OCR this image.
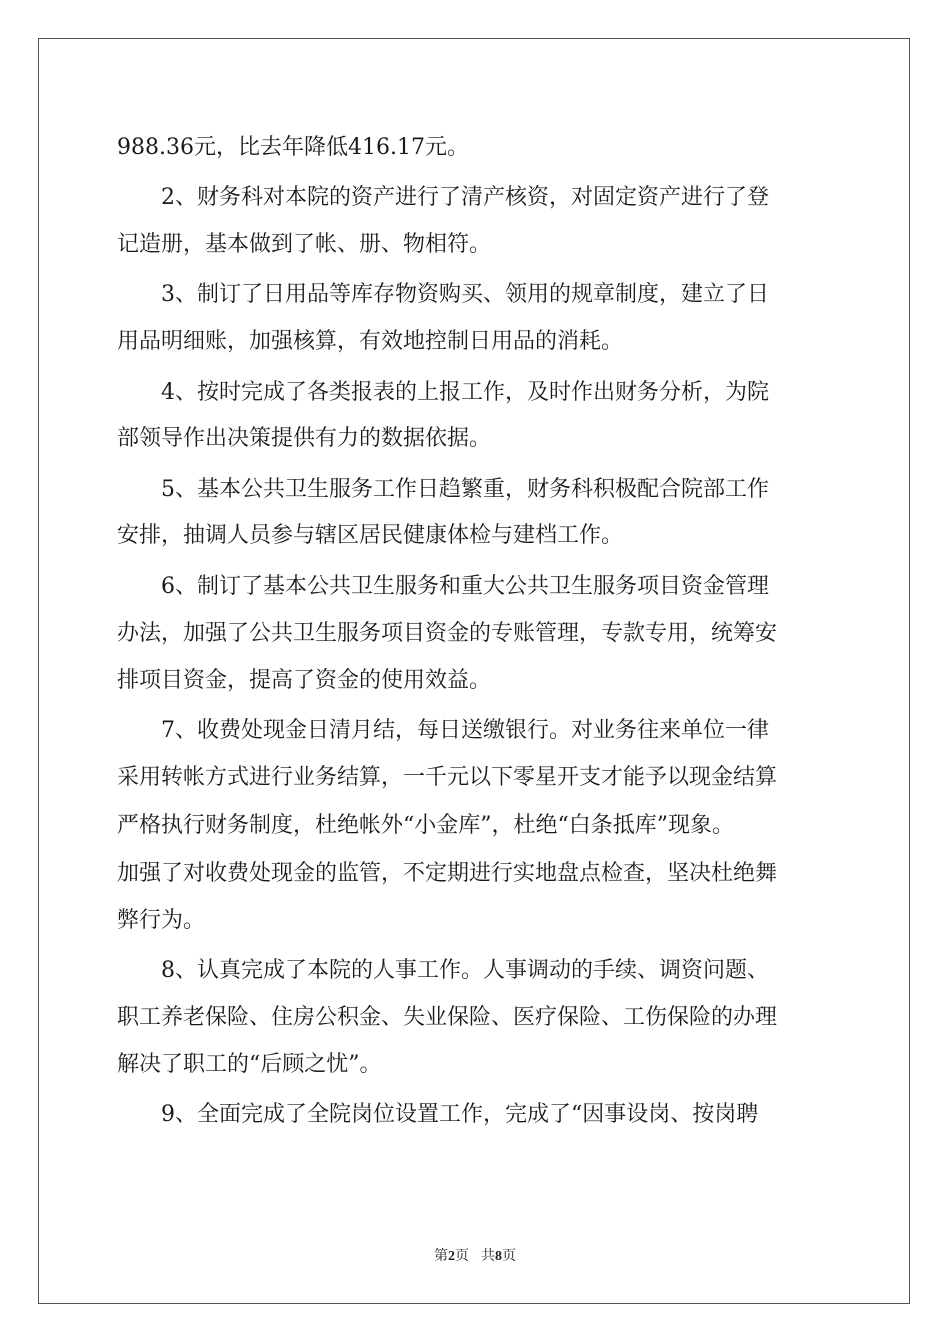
988.36元，比去年降低416.17元。
2、财务科对本院的资产进行了清产核资，对固定资产进行了登
记造册，基本做到了帐、册、物相符。
3、制订了日用品等库存物资购买、领用的规章制度，建立了日
用品明细账，加强核算，有效地控制日用品的消耗。
4、按时完成了各类报表的上报工作，及时作出财务分析，为院
部领导作出决策提供有力的数据依据。
5、基本公共卫生服务工作日趋繁重，财务科积极配合院部工作
安排，抽调人员参与辖区居民健康体检与建档工作。
6、制订了基本公共卫生服务和重大公共卫生服务项目资金管理
办法，加强了公共卫生服务项目资金的专账管理，专款专用，统筹安
排项目资金，提高了资金的使用效益。
7、收费处现金日清月结，每日送缴银行。对业务往来单位一律
采用转帐方式进行业务结算，一千元以下零星开支才能予以现金结算
严格执行财务制度，杜绝帐外“小金库”，杜绝“白条抵库”现象。
加强了对收费处现金的监管，不定期进行实地盘点检查，坚决杜绝舞
弊行为。
8、认真完成了本院的人事工作。人事调动的手续、调资问题、
职工养老保险、住房公积金、失业保险、医疗保险、工伤保险的办理
解决了职工的“后顾之忧”。
9、全面完成了全院岗位设置工作，完成了“因事设岗、按岗聘
第2页 共8页
